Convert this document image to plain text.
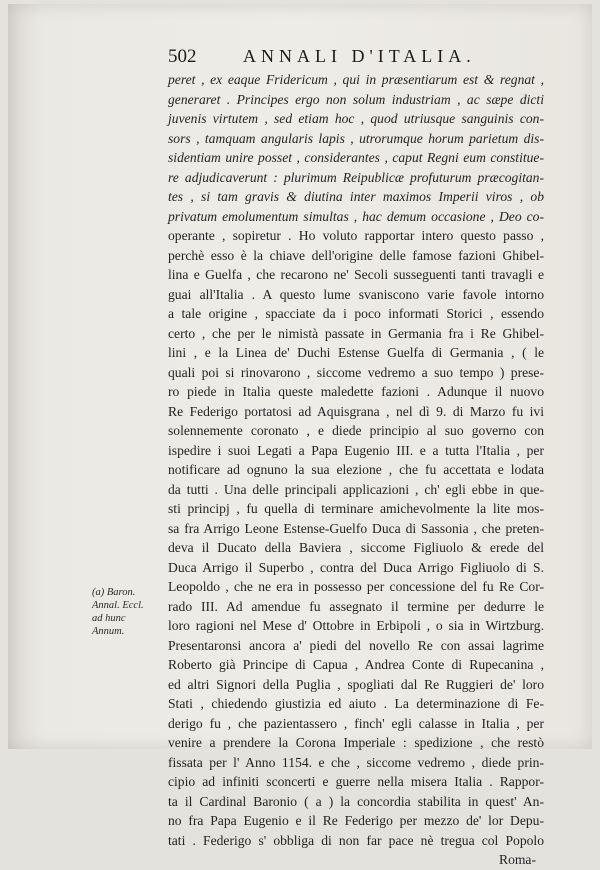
502	ANNALI D'ITALIA.
peret , ex eaque Fridericum , qui in præsentiarum est & regnat ,
generaret . Principes ergo non solum industriam , ac sæpe dicti
juvenis virtutem , sed etiam hoc , quod utriusque sanguinis con-
sors , tamquam angularis lapis , utrorumque horum parietum dis-
sidentiam unire posset , considerantes , caput Regni eum constitue-
re adjudicaverunt : plurimum Reipublicæ profuturum præcogitan-
tes , si tam gravis & diutina inter maximos Imperii viros , ob
privatum emolumentum simultas , hac demum occasione , Deo co-
operante , sopiretur . Ho voluto rapportar intero questo passo ,
perchè esso è la chiave dell'origine delle famose fazioni Ghibel-
lina e Guelfa , che recarono ne' Secoli susseguenti tanti travagli e
guai all'Italia . A questo lume svaniscono varie favole intorno
a tale origine , spacciate da i poco informati Storici , essendo
certo , che per le nimistà passate in Germania fra i Re Ghibel-
lini , e la Linea de' Duchi Estense Guelfa di Germania , ( le
quali poi si rinovarono , siccome vedremo a suo tempo ) prese-
ro piede in Italia queste maledette fazioni . Adunque il nuovo
Re Federigo portatosi ad Aquisgrana , nel dì 9. di Marzo fu ivi
solennemente coronato , e diede principio al suo governo con
ispedire i suoi Legati a Papa Eugenio III. e a tutta l'Italia , per
notificare ad ognuno la sua elezione , che fu accettata e lodata
da tutti . Una delle principali applicazioni , ch' egli ebbe in que-
sti principj , fu quella di terminare amichevolmente la lite mos-
sa fra Arrigo Leone Estense-Guelfo Duca di Sassonia , che preten-
deva il Ducato della Baviera , siccome Figliuolo & erede del
Duca Arrigo il Superbo , contra del Duca Arrigo Figliuolo di S.
Leopoldo , che ne era in possesso per concessione del fu Re Cor-
rado III. Ad amendue fu assegnato il termine per dedurre le
loro ragioni nel Mese d' Ottobre in Erbipoli , o sia in Wirtzburg.
Presentaronsi ancora a' piedi del novello Re con assai lagrime
Roberto già Principe di Capua , Andrea Conte di Rupecanina ,
ed altri Signori della Puglia , spogliati dal Re Ruggieri de' loro
Stati , chiedendo giustizia ed aiuto . La determinazione di Fe-
derigo fu , che pazientassero , finch' egli calasse in Italia , per
venire a prendere la Corona Imperiale : spedizione , che restò
fissata per l' Anno 1154. e che , siccome vedremo , diede prin-
cipio ad infiniti sconcerti e guerre nella misera Italia . Rappor-
ta il Cardinal Baronio ( a ) la concordia stabilita in quest' An-
no fra Papa Eugenio e il Re Federigo per mezzo de' lor Depu-
tati . Federigo s' obbliga di non far pace nè tregua col Popolo
Roma-
(a) Baron.
Annal. Eccl.
ad hunc
Annum.
